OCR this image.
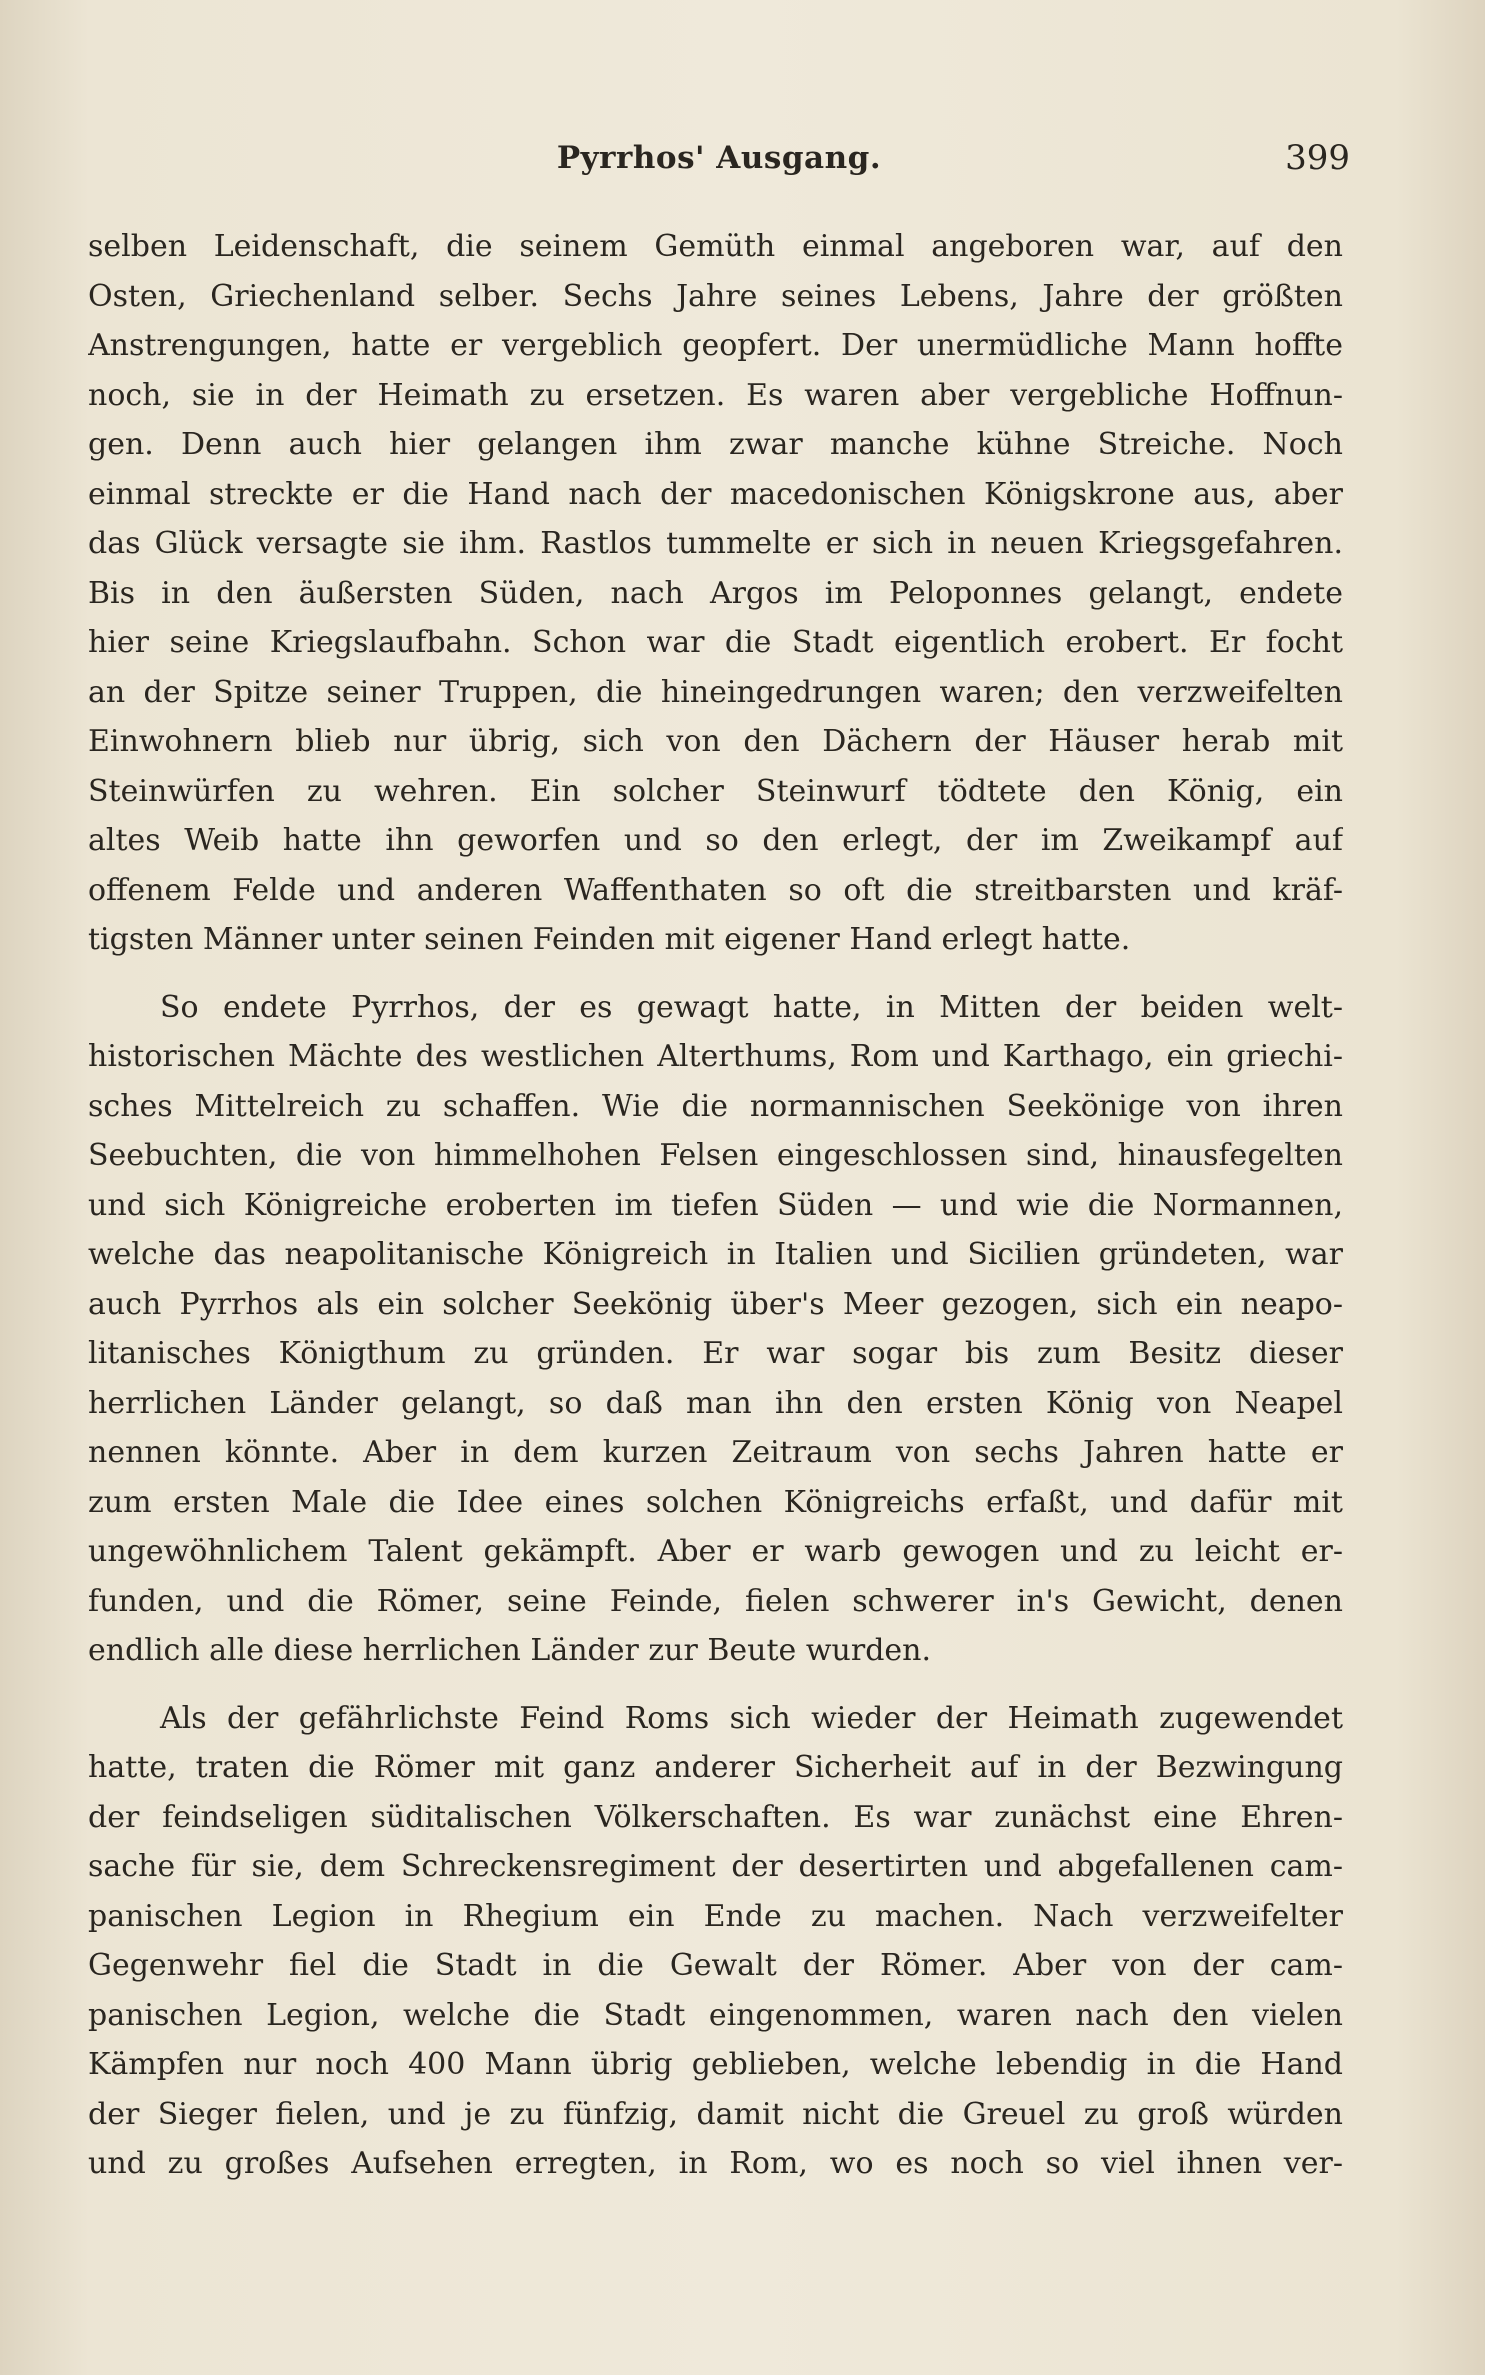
Pyrrhos' Ausgang.	399
selben Leidenschaft, die seinem Gemüth einmal angeboren war, auf den
Osten, Griechenland selber. Sechs Jahre seines Lebens, Jahre der größten
Anstrengungen, hatte er vergeblich geopfert. Der unermüdliche Mann hoffte
noch, sie in der Heimath zu ersetzen. Es waren aber vergebliche Hoffnun-
gen. Denn auch hier gelangen ihm zwar manche kühne Streiche. Noch
einmal streckte er die Hand nach der macedonischen Königskrone aus, aber
das Glück versagte sie ihm. Rastlos tummelte er sich in neuen Kriegsgefahren.
Bis in den äußersten Süden, nach Argos im Peloponnes gelangt, endete
hier seine Kriegslaufbahn. Schon war die Stadt eigentlich erobert. Er focht
an der Spitze seiner Truppen, die hineingedrungen waren; den verzweifelten
Einwohnern blieb nur übrig, sich von den Dächern der Häuser herab mit
Steinwürfen zu wehren. Ein solcher Steinwurf tödtete den König, ein
altes Weib hatte ihn geworfen und so den erlegt, der im Zweikampf auf
offenem Felde und anderen Waffenthaten so oft die streitbarsten und kräf-
tigsten Männer unter seinen Feinden mit eigener Hand erlegt hatte.
So endete Pyrrhos, der es gewagt hatte, in Mitten der beiden welt-
historischen Mächte des westlichen Alterthums, Rom und Karthago, ein griechi-
sches Mittelreich zu schaffen. Wie die normannischen Seekönige von ihren
Seebuchten, die von himmelhohen Felsen eingeschlossen sind, hinausfegelten
und sich Königreiche eroberten im tiefen Süden — und wie die Normannen,
welche das neapolitanische Königreich in Italien und Sicilien gründeten, war
auch Pyrrhos als ein solcher Seekönig über's Meer gezogen, sich ein neapo-
litanisches Königthum zu gründen. Er war sogar bis zum Besitz dieser
herrlichen Länder gelangt, so daß man ihn den ersten König von Neapel
nennen könnte. Aber in dem kurzen Zeitraum von sechs Jahren hatte er
zum ersten Male die Idee eines solchen Königreichs erfaßt, und dafür mit
ungewöhnlichem Talent gekämpft. Aber er warb gewogen und zu leicht er-
funden, und die Römer, seine Feinde, fielen schwerer in's Gewicht, denen
endlich alle diese herrlichen Länder zur Beute wurden.
Als der gefährlichste Feind Roms sich wieder der Heimath zugewendet
hatte, traten die Römer mit ganz anderer Sicherheit auf in der Bezwingung
der feindseligen süditalischen Völkerschaften. Es war zunächst eine Ehren-
sache für sie, dem Schreckensregiment der desertirten und abgefallenen cam-
panischen Legion in Rhegium ein Ende zu machen. Nach verzweifelter
Gegenwehr fiel die Stadt in die Gewalt der Römer. Aber von der cam-
panischen Legion, welche die Stadt eingenommen, waren nach den vielen
Kämpfen nur noch 400 Mann übrig geblieben, welche lebendig in die Hand
der Sieger fielen, und je zu fünfzig, damit nicht die Greuel zu groß würden
und zu großes Aufsehen erregten, in Rom, wo es noch so viel ihnen ver-
